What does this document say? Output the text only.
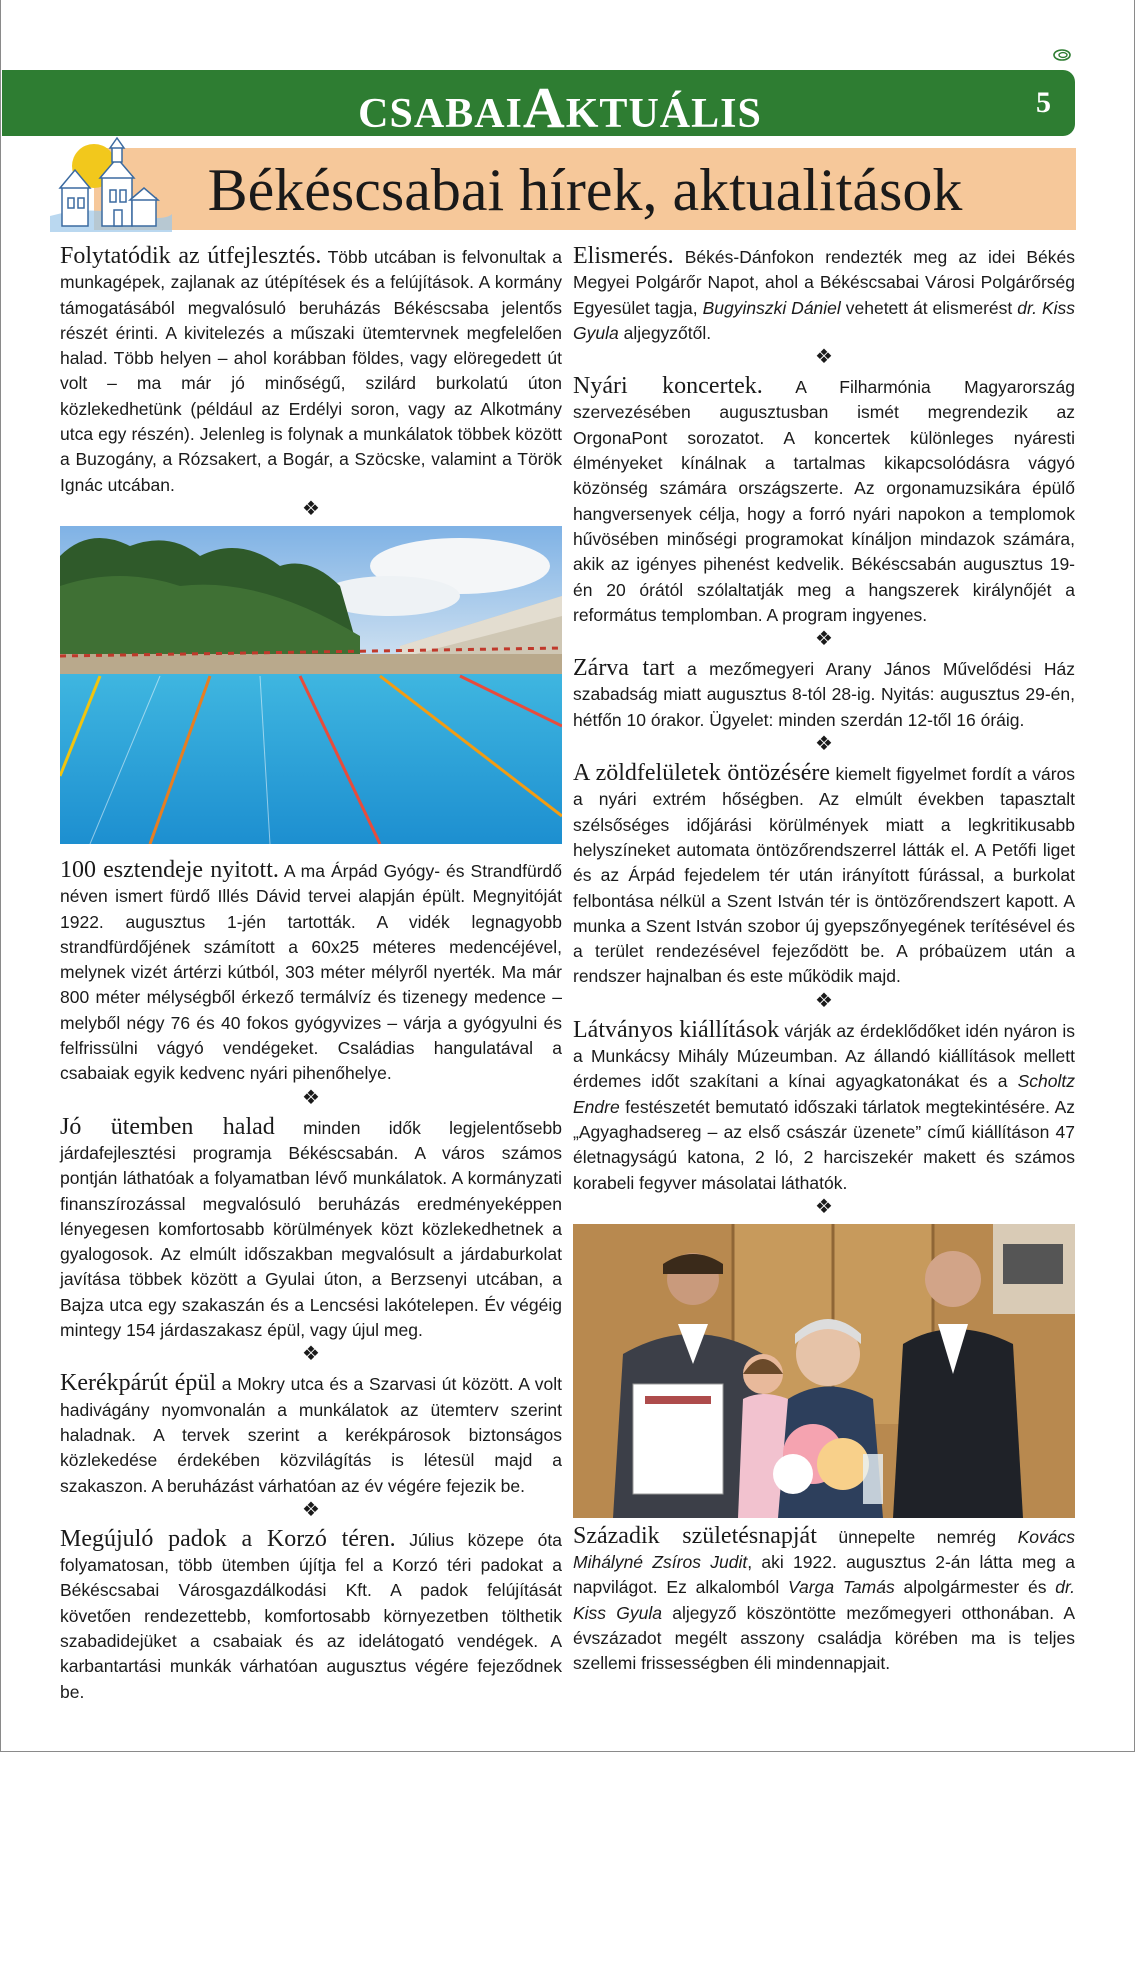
CSABAIAKTUÁLIS	5
Békéscsabai hírek, aktualitások

Folytatódik az útfejlesztés. Több utcában is felvonultak a munkagépek, zajlanak az útépítések és a felújítások. A kormány támogatásából megvalósuló beruházás Békéscsaba jelentős részét érinti. A kivitelezés a műszaki ütemtervnek megfelelően halad. Több helyen – ahol korábban földes, vagy elöregedett út volt – ma már jó minőségű, szilárd burkolatú úton közlekedhetünk (például az Erdélyi soron, vagy az Alkotmány utca egy részén). Jelenleg is folynak a munkálatok többek között a Buzogány, a Rózsakert, a Bogár, a Szöcske, valamint a Török Ignác utcában.

❖

100 esztendeje nyitott. A ma Árpád Gyógy- és Strandfürdő néven ismert fürdő Illés Dávid tervei alapján épült. Megnyitóját 1922. augusztus 1-jén tartották. A vidék legnagyobb strandfürdőjének számított a 60x25 méteres medencéjével, melynek vizét ártérzi kútból, 303 méter mélyről nyerték. Ma már 800 méter mélységből érkező termálvíz és tizenegy medence – melyből négy 76 és 40 fokos gyógyvizes – várja a gyógyulni és felfrissülni vágyó vendégeket. Családias hangulatával a csabaiak egyik kedvenc nyári pihenőhelye.

❖

Jó ütemben halad minden idők legjelentősebb járdafejlesztési programja Békéscsabán. A város számos pontján láthatóak a folyamatban lévő munkálatok. A kormányzati finanszírozással megvalósuló beruházás eredményeképpen lényegesen komfortosabb körülmények közt közlekedhetnek a gyalogosok. Az elmúlt időszakban megvalósult a járdaburkolat javítása többek között a Gyulai úton, a Berzsenyi utcában, a Bajza utca egy szakaszán és a Lencsési lakótelepen. Év végéig mintegy 154 járdaszakasz épül, vagy újul meg.

❖

Kerékpárút épül a Mokry utca és a Szarvasi út között. A volt hadivágány nyomvonalán a munkálatok az ütemterv szerint haladnak. A tervek szerint a kerékpárosok biztonságos közlekedése érdekében közvilágítás is létesül majd a szakaszon. A beruházást várhatóan az év végére fejezik be.

❖

Megújuló padok a Korzó téren. Július közepe óta folyamatosan, több ütemben újítja fel a Korzó téri padokat a Békéscsabai Városgazdálkodási Kft. A padok felújítását követően rendezettebb, komfortosabb környezetben tölthetik szabadidejüket a csabaiak és az idelátogató vendégek. A karbantartási munkák várhatóan augusztus végére fejeződnek be.

Elismerés. Békés-Dánfokon rendezték meg az idei Békés Megyei Polgárőr Napot, ahol a Békéscsabai Városi Polgárőrség Egyesület tagja, Bugyinszki Dániel vehetett át elismerést dr. Kiss Gyula aljegyzőtől.

❖

Nyári koncertek. A Filharmónia Magyarország szervezésében augusztusban ismét megrendezik az OrgonaPont sorozatot. A koncertek különleges nyáresti élményeket kínálnak a tartalmas kikapcsolódásra vágyó közönség számára országszerte. Az orgonamuzsikára épülő hangversenyek célja, hogy a forró nyári napokon a templomok hűvösében minőségi programokat kínáljon mindazok számára, akik az igényes pihenést kedvelik. Békéscsabán augusztus 19-én 20 órától szólaltatják meg a hangszerek királynőjét a református templomban. A program ingyenes.

❖

Zárva tart a mezőmegyeri Arany János Művelődési Ház szabadság miatt augusztus 8-tól 28-ig. Nyitás: augusztus 29-én, hétfőn 10 órakor. Ügyelet: minden szerdán 12-től 16 óráig.

❖

A zöldfelületek öntözésére kiemelt figyelmet fordít a város a nyári extrém hőségben. Az elmúlt években tapasztalt szélsőséges időjárási körülmények miatt a legkritikusabb helyszíneket automata öntözőrendszerrel látták el. A Petőfi liget és az Árpád fejedelem tér után irányított fúrással, a burkolat felbontása nélkül a Szent István tér is öntözőrendszert kapott. A munka a Szent István szobor új gyepszőnyegének terítésével és a terület rendezésével fejeződött be. A próbaüzem után a rendszer hajnalban és este működik majd.

❖

Látványos kiállítások várják az érdeklődőket idén nyáron is a Munkácsy Mihály Múzeumban. Az állandó kiállítások mellett érdemes időt szakítani a kínai agyagkatonákat és a Scholtz Endre festészetét bemutató időszaki tárlatok megtekintésére. Az „Agyaghadsereg – az első császár üzenete” című kiállításon 47 életnagyságú katona, 2 ló, 2 harciszekér makett és számos korabeli fegyver másolatai láthatók.

❖

Századik születésnapját ünnepelte nemrég Kovács Mihályné Zsíros Judit, aki 1922. augusztus 2-án látta meg a napvilágot. Ez alkalomból Varga Tamás alpolgármester és dr. Kiss Gyula aljegyző köszöntötte mezőmegyeri otthonában. A évszázadot megélt asszony családja körében ma is teljes szellemi frissességben éli mindennapjait.
